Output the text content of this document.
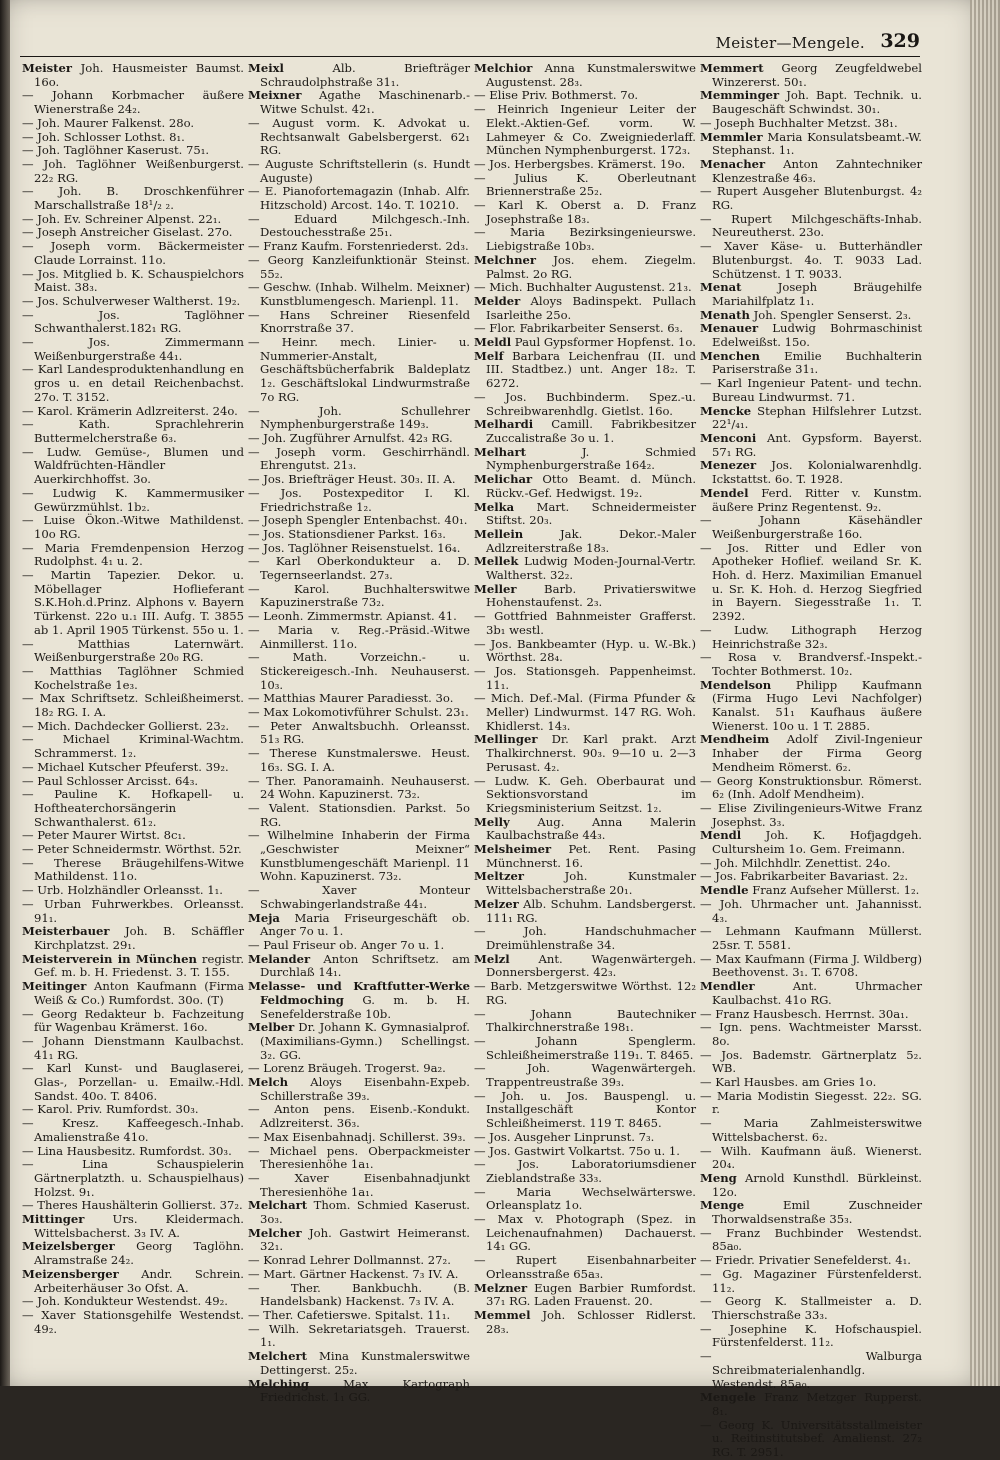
Meister—Mengele. 329
Meister Joh. Hausmeister Baumst. 16o.
— Johann Korbmacher äußere Wienerstraße 24₂.
— Joh. Maurer Falkenst. 28o.
— Joh. Schlosser Lothst. 8₁.
— Joh. Taglöhner Kaserust. 75₁.
— Joh. Taglöhner Weißenburgerst. 22₂ RG.
— Joh. B. Droschkenführer Marschallstraße 18¹/₂ ₂.
— Joh. Ev. Schreiner Alpenst. 22₁.
— Joseph Anstreicher Giselast. 27o.
— Joseph vorm. Bäckermeister Claude Lorrainst. 11o.
— Jos. Mitglied b. K. Schauspielchors Maist. 38₃.
— Jos. Schulverweser Waltherst. 19₂.
— Jos. Taglöhner Schwanthalerst.182₁ RG.
— Jos. Zimmermann Weißenburgerstraße 44₁.
— Karl Landesproduktenhandlung en gros u. en detail Reichenbachst. 27o. T. 3152.
— Karol. Krämerin Adlzreiterst. 24o.
— Kath. Sprachlehrerin Buttermelcherstraße 6₃.
— Ludw. Gemüse-, Blumen und Waldfrüchten-Händler Auerkirchhoffst. 3o.
— Ludwig K. Kammermusiker Gewürzmühlst. 1b₂.
— Luise Ökon.-Witwe Mathildenst. 10o RG.
— Maria Fremdenpension Herzog Rudolphst. 4₁ u. 2.
— Martin Tapezier. Dekor. u. Möbellager Hoflieferant S.K.Hoh.d.Prinz. Alphons v. Bayern Türkenst. 22o u.₁ III. Aufg. T. 3855 ab 1. April 1905 Türkenst. 55o u. 1.
— Matthias Laternwärt. Weißenburgerstraße 20₀ RG.
— Matthias Taglöhner Schmied Kochelstraße 1e₃.
— Max Schriftsetz. Schleißheimerst. 18₂ RG. I. A.
— Mich. Dachdecker Gollierst. 23₂.
— Michael Kriminal-Wachtm. Schrammerst. 1₂.
— Michael Kutscher Pfeuferst. 39₂.
— Paul Schlosser Arcisst. 64₃.
— Pauline K. Hofkapell- u. Hoftheaterchorsängerin Schwanthalerst. 61₂.
— Peter Maurer Wirtst. 8c₁.
— Peter Schneidermstr. Wörthst. 52r.
— Therese Bräugehilfens-Witwe Mathildenst. 11o.
— Urb. Holzhändler Orleansst. 1₁.
— Urban Fuhrwerkbes. Orleansst. 91₁.
Meisterbauer Joh. B. Schäffler Kirchplatzst. 29₁.
Meisterverein in München registr. Gef. m. b. H. Friedenst. 3. T. 155.
Meitinger Anton Kaufmann (Firma Weiß & Co.) Rumfordst. 30o. (T)
— Georg Redakteur b. Fachzeitung für Wagenbau Krämerst. 16o.
— Johann Dienstmann Kaulbachst. 41₁ RG.
— Karl Kunst- und Bauglaserei, Glas-, Porzellan- u. Emailw.-Hdl. Sandst. 40o. T. 8406.
— Karol. Priv. Rumfordst. 30₃.
— Kresz. Kaffeegesch.-Inhab. Amalienstraße 41o.
— Lina Hausbesitz. Rumfordst. 30₃.
— Lina Schauspielerin Gärtnerplatzth. u. Schauspielhaus) Holzst. 9₁.
— Theres Haushälterin Gollierst. 37₂.
Mittinger Urs. Kleidermach. Wittelsbacherst. 3₃ IV. A.
Meizelsberger Georg Taglöhn. Alramstraße 24₂.
Meizensberger Andr. Schrein. Arbeiterhäuser 3o Ofst. A.
— Joh. Kondukteur Westendst. 49₂.
— Xaver Stationsgehilfe Westendst. 49₂.
Meixl Alb. Briefträger Schraudolphstraße 31₁.
Meixner Agathe Maschinenarb.-Witwe Schulst. 42₁.
— August vorm. K. Advokat u. Rechtsanwalt Gabelsbergerst. 62₁ RG.
— Auguste Schriftstellerin (s. Hundt Auguste)
— E. Pianofortemagazin (Inhab. Alfr. Hitzschold) Arcost. 14o. T. 10210.
— Eduard Milchgesch.-Inh. Destouchesstraße 25₁.
— Franz Kaufm. Forstenriederst. 2d₃.
— Georg Kanzleifunktionär Steinst. 55₂.
— Geschw. (Inhab. Wilhelm. Meixner) Kunstblumengesch. Marienpl. 11.
— Hans Schreiner Riesenfeld Knorrstraße 37.
— Heinr. mech. Linier- u. Nummerier-Anstalt, Geschäftsbücherfabrik Baldeplatz 1₂. Geschäftslokal Lindwurmstraße 7o RG.
— Joh. Schullehrer Nymphenburgerstraße 149₃.
— Joh. Zugführer Arnulfst. 42₃ RG.
— Joseph vorm. Geschirrhändl. Ehrengutst. 21₃.
— Jos. Briefträger Heust. 30₃. II. A.
— Jos. Postexpeditor I. Kl. Friedrichstraße 1₂.
— Joseph Spengler Entenbachst. 40₁.
— Jos. Stationsdiener Parkst. 16₃.
— Jos. Taglöhner Reisenstuelst. 16₄.
— Karl Oberkondukteur a. D. Tegernseerlandst. 27₃.
— Karol. Buchhalterswitwe Kapuzinerstraße 73₂.
— Leonh. Zimmermstr. Apianst. 41.
— Maria v. Reg.-Präsid.-Witwe Ainmillerst. 11o.
— Math. Vorzeichn.- u. Stickereigesch.-Inh. Neuhauserst. 10₃.
— Matthias Maurer Paradiesst. 3o.
— Max Lokomotivführer Schulst. 23₁.
— Peter Anwaltsbuchh. Orleansst. 51₃ RG.
— Therese Kunstmalerswe. Heust. 16₃. SG. I. A.
— Ther. Panoramainh. Neuhauserst. 24 Wohn. Kapuzinerst. 73₂.
— Valent. Stationsdien. Parkst. 5o RG.
— Wilhelmine Inhaberin der Firma „Geschwister Meixner“ Kunstblumengeschäft Marienpl. 11 Wohn. Kapuzinerst. 73₂.
— Xaver Monteur Schwabingerlandstraße 44₁.
Meja Maria Friseurgeschäft ob. Anger 7o u. 1.
— Paul Friseur ob. Anger 7o u. 1.
Melander Anton Schriftsetz. am Durchlaß 14₁.
Melasse- und Kraftfutter-Werke Feldmoching G. m. b. H. Senefelderstraße 10b.
Melber Dr. Johann K. Gymnasialprof. (Maximilians-Gymn.) Schellingst. 3₂. GG.
— Lorenz Bräugeh. Trogerst. 9a₂.
Melch Aloys Eisenbahn-Expeb. Schillerstraße 39₃.
— Anton pens. Eisenb.-Kondukt. Adlzreiterst. 36₃.
— Max Eisenbahnadj. Schillerst. 39₃.
— Michael pens. Oberpackmeister Theresienhöhe 1a₁.
— Xaver Eisenbahnadjunkt Theresienhöhe 1a₁.
Melchart Thom. Schmied Kaserust. 3o₃.
Melcher Joh. Gastwirt Heimeranst. 32₁.
— Konrad Lehrer Dollmannst. 27₂.
— Mart. Gärtner Hackenst. 7₃ IV. A.
— Ther. Bankbuchh. (B. Handelsbank) Hackenst. 7₃ IV. A.
— Ther. Cafetierswe. Spitalst. 11₁.
— Wilh. Sekretariatsgeh. Trauerst. 1₁.
Melchert Mina Kunstmalerswitwe Dettingerst. 25₂.
Melching Max Kartograph Friedrichst. 1₁ GG.
Melchior Anna Kunstmalerswitwe Augustenst. 28₃.
— Elise Priv. Bothmerst. 7o.
— Heinrich Ingenieur Leiter der Elekt.-Aktien-Gef. vorm. W. Lahmeyer & Co. Zweigniederlaff. München Nymphenburgerst. 172₃.
— Jos. Herbergsbes. Krämerst. 19o.
— Julius K. Oberleutnant Briennerstraße 25₂.
— Karl K. Oberst a. D. Franz Josephstraße 18₃.
— Maria Bezirksingenieurswe. Liebigstraße 10b₃.
Melchner Jos. ehem. Ziegelm. Palmst. 2o RG.
— Mich. Buchhalter Augustenst. 21₃.
Melder Aloys Badinspekt. Pullach Isarleithe 25o.
— Flor. Fabrikarbeiter Senserst. 6₃.
Meldl Paul Gypsformer Hopfenst. 1o.
Melf Barbara Leichenfrau (II. und III. Stadtbez.) unt. Anger 18₂. T. 6272.
— Jos. Buchbinderm. Spez.-u. Schreibwarenhdlg. Gietlst. 16o.
Melhardi Camill. Fabrikbesitzer Zuccalistraße 3o u. 1.
Melhart J. Schmied Nymphenburgerstraße 164₂.
Melichar Otto Beamt. d. Münch. Rückv.-Gef. Hedwigst. 19₂.
Melka Mart. Schneidermeister Stiftst. 20₃.
Mellein Jak. Dekor.-Maler Adlzreiterstraße 18₃.
Mellek Ludwig Moden-Journal-Vertr. Waltherst. 32₂.
Meller Barb. Privatierswitwe Hohenstaufenst. 2₃.
— Gottfried Bahnmeister Grafferst. 3b₁ westl.
— Jos. Bankbeamter (Hyp. u. W.-Bk.) Wörthst. 28₄.
— Jos. Stationsgeh. Pappenheimst. 11₁.
— Mich. Def.-Mal. (Firma Pfunder & Meller) Lindwurmst. 147 RG. Woh. Khidlerst. 14₃.
Mellinger Dr. Karl prakt. Arzt Thalkirchnerst. 90₃. 9—10 u. 2—3 Perusast. 4₂.
— Ludw. K. Geh. Oberbaurat und Sektionsvorstand im Kriegsministerium Seitzst. 1₂.
Melly Aug. Anna Malerin Kaulbachstraße 44₃.
Melsheimer Pet. Rent. Pasing Münchnerst. 16.
Meltzer Joh. Kunstmaler Wittelsbacherstraße 20₁.
Melzer Alb. Schuhm. Landsbergerst. 111₁ RG.
— Joh. Handschuhmacher Dreimühlenstraße 34.
Melzl Ant. Wagenwärtergeh. Donnersbergerst. 42₃.
— Barb. Metzgerswitwe Wörthst. 12₂ RG.
— Johann Bautechniker Thalkirchnerstraße 198₁.
— Johann Spenglerm. Schleißheimerstraße 119₁. T. 8465.
— Joh. Wagenwärtergeh. Trappentreustraße 39₃.
— Joh. u. Jos. Bauspengl. u. Installgeschäft Kontor Schleißheimerst. 119 T. 8465.
— Jos. Ausgeher Linprunst. 7₃.
— Jos. Gastwirt Volkartst. 75o u. 1.
— Jos. Laboratoriumsdiener Zieblandstraße 33₃.
— Maria Wechselwärterswe. Orleansplatz 1o.
— Max v. Photograph (Spez. in Leichenaufnahmen) Dachauerst. 14₁ GG.
— Rupert Eisenbahnarbeiter Orleansstraße 65a₃.
Melzner Eugen Barbier Rumfordst. 37₁ RG. Laden Frauenst. 20.
Memmel Joh. Schlosser Ridlerst. 28₃.
Memmert Georg Zeugfeldwebel Winzererst. 50₁.
Memminger Joh. Bapt. Technik. u. Baugeschäft Schwindst. 30₁.
— Joseph Buchhalter Metzst. 38₁.
Memmler Maria Konsulatsbeamt.-W. Stephanst. 1₁.
Menacher Anton Zahntechniker Klenzestraße 46₃.
— Rupert Ausgeher Blutenburgst. 4₂ RG.
— Rupert Milchgeschäfts-Inhab. Neureutherst. 23o.
— Xaver Käse- u. Butterhändler Blutenburgst. 4o. T. 9033 Lad. Schützenst. 1 T. 9033.
Menat Joseph Bräugehilfe Mariahilfplatz 1₁.
Menath Joh. Spengler Senserst. 2₃.
Menauer Ludwig Bohrmaschinist Edelweißst. 15o.
Menchen Emilie Buchhalterin Pariserstraße 31₁.
— Karl Ingenieur Patent- und techn. Bureau Lindwurmst. 71.
Mencke Stephan Hilfslehrer Lutzst. 22¹/₄₁.
Menconi Ant. Gypsform. Bayerst. 57₁ RG.
Menezer Jos. Kolonialwarenhdlg. Ickstattst. 6o. T. 1928.
Mendel Ferd. Ritter v. Kunstm. äußere Prinz Regentenst. 9₂.
— Johann Käsehändler Weißenburgerstraße 16o.
— Jos. Ritter und Edler von Apotheker Hoflief. weiland Sr. K. Hoh. d. Herz. Maximilian Emanuel u. Sr. K. Hoh. d. Herzog Siegfried in Bayern. Siegesstraße 1₁. T. 2392.
— Ludw. Lithograph Herzog Heinrichstraße 32₃.
— Rosa v. Brandversf.-Inspekt.-Tochter Bothmerst. 10₂.
Mendelson Philipp Kaufmann (Firma Hugo Levi Nachfolger) Kanalst. 51₁ Kaufhaus äußere Wienerst. 10o u. 1 T. 2885.
Mendheim Adolf Zivil-Ingenieur Inhaber der Firma Georg Mendheim Römerst. 6₂.
— Georg Konstruktionsbur. Römerst. 6₂ (Inh. Adolf Mendheim).
— Elise Zivilingenieurs-Witwe Franz Josephst. 3₃.
Mendl Joh. K. Hofjagdgeh. Cultursheim 1o. Gem. Freimann.
— Joh. Milchhdlr. Zenettist. 24o.
— Jos. Fabrikarbeiter Bavariast. 2₂.
Mendle Franz Aufseher Müllerst. 1₂.
— Joh. Uhrmacher unt. Jahannisst. 4₃.
— Lehmann Kaufmann Müllerst. 25sr. T. 5581.
— Max Kaufmann (Firma J. Wildberg) Beethovenst. 3₁. T. 6708.
Mendler Ant. Uhrmacher Kaulbachst. 41o RG.
— Franz Hausbesch. Herrnst. 30a₁.
— Ign. pens. Wachtmeister Marsst. 8o.
— Jos. Bademstr. Gärtnerplatz 5₂. WB.
— Karl Hausbes. am Gries 1o.
— Maria Modistin Siegesst. 22₂. SG. r.
— Maria Zahlmeisterswitwe Wittelsbacherst. 6₂.
— Wilh. Kaufmann äuß. Wienerst. 20₄.
Meng Arnold Kunsthdl. Bürkleinst. 12o.
Menge Emil Zuschneider Thorwaldsenstraße 35₃.
— Franz Buchbinder Westendst. 85a₀.
— Friedr. Privatier Senefelderst. 4₁.
— Gg. Magaziner Fürstenfelderst. 11₂.
— Georg K. Stallmeister a. D. Thierschstraße 33₃.
— Josephine K. Hofschauspiel. Fürstenfelderst. 11₂.
— Walburga Schreibmaterialenhandlg. Westendst. 85a₀.
Mengele Franz Metzger Rupperst. 8₁.
— Georg K. Universitätsstallmeister u. Reitinstitutsbef. Amalienst. 27₂ RG. T. 2951.
